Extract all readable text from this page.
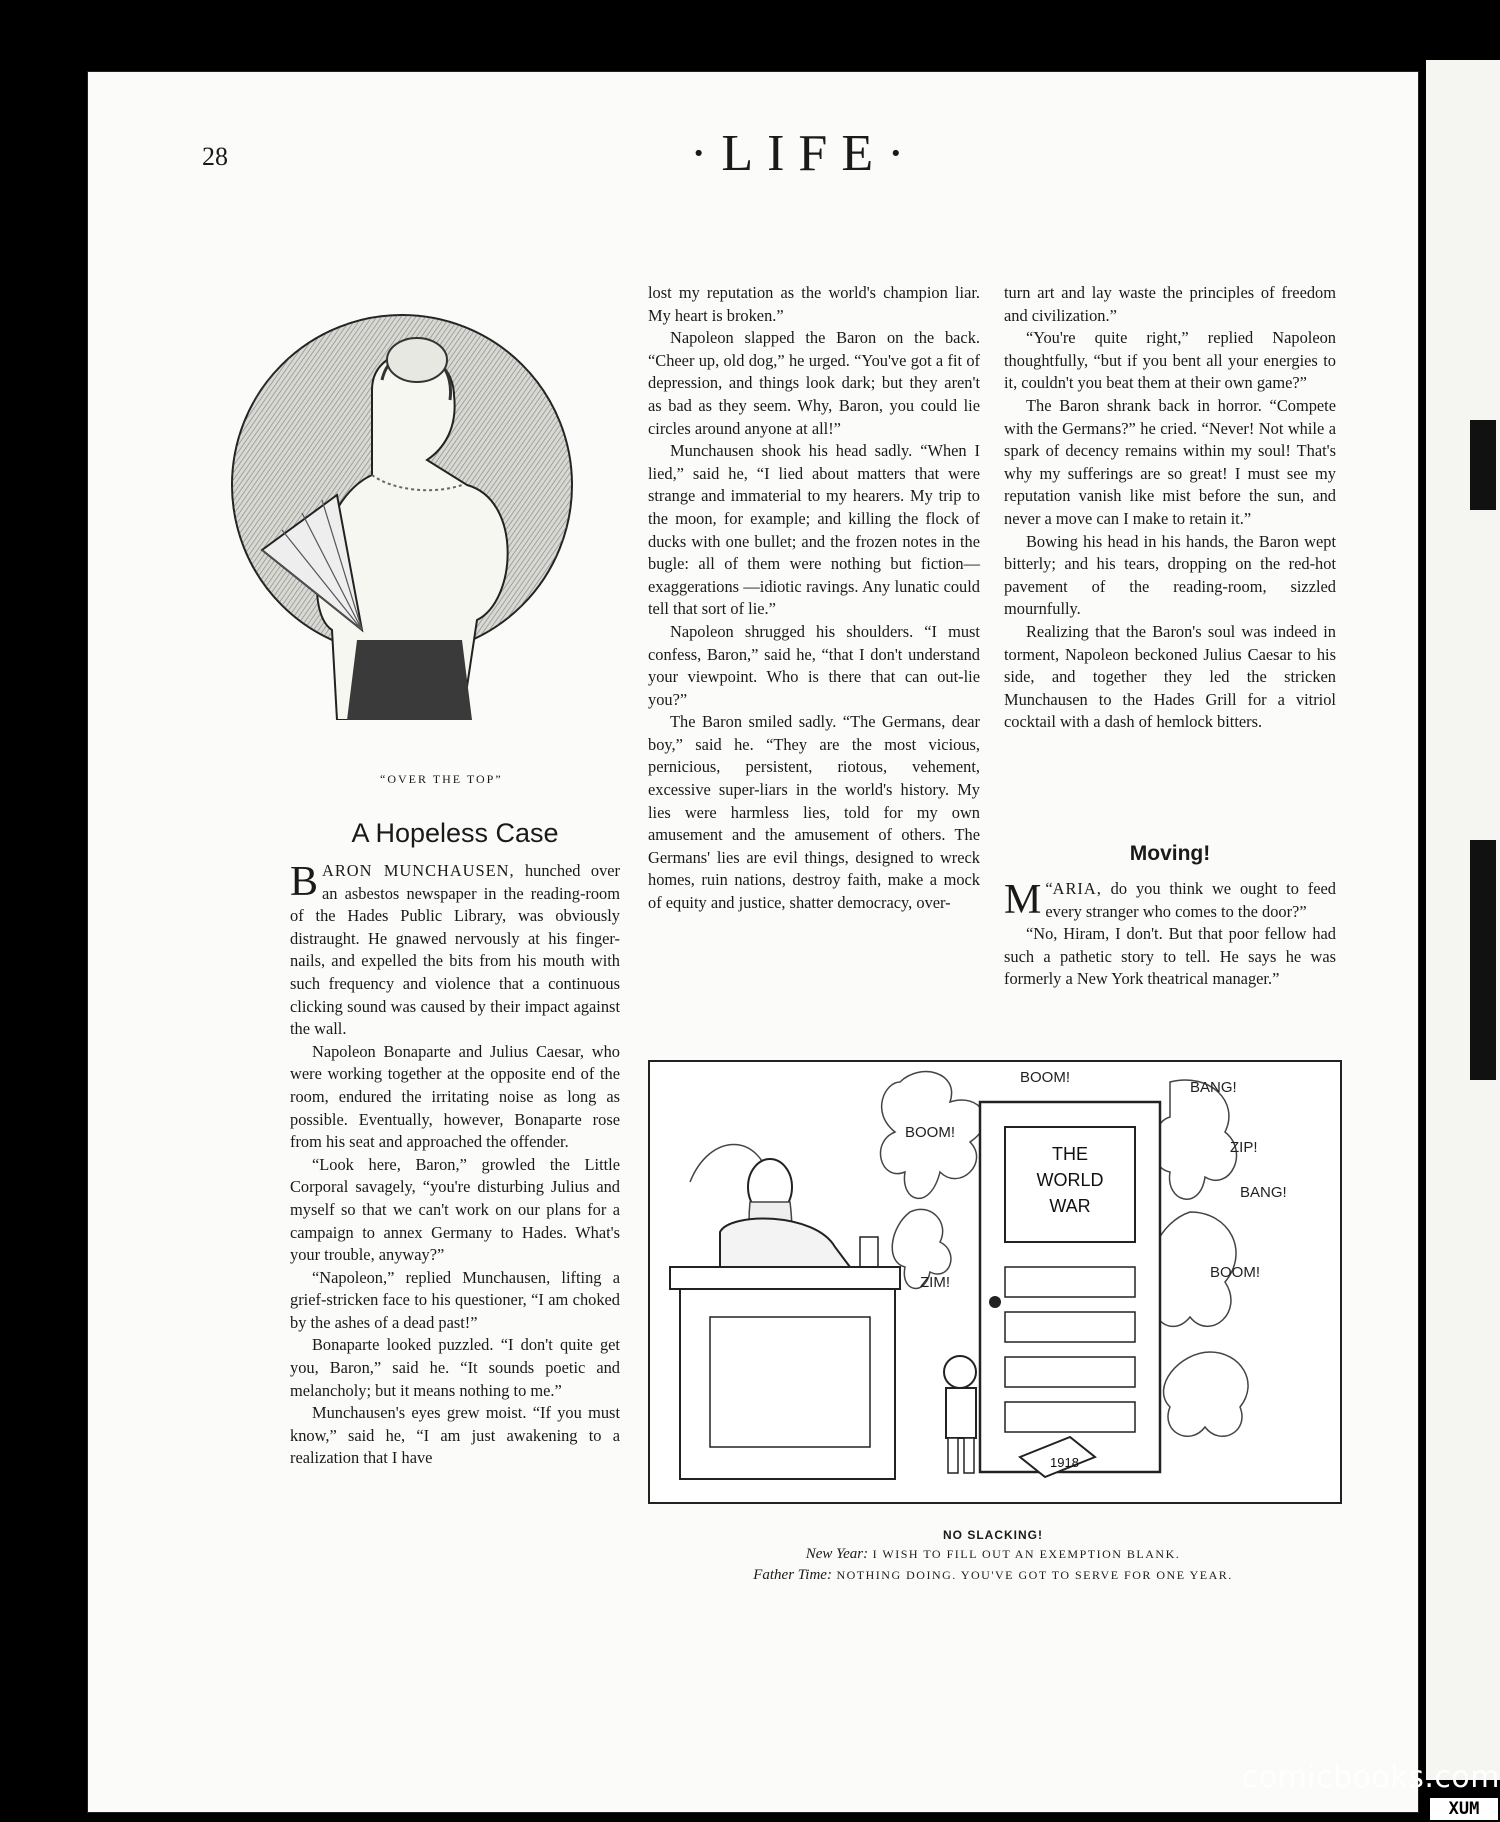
28	·LIFE·
“OVER THE TOP”
A Hopeless Case

BARON MUNCHAUSEN, hunched over an asbestos newspaper in the reading-room of the Hades Public Library, was obviously distraught. He gnawed nervously at his finger-nails, and expelled the bits from his mouth with such frequency and violence that a continuous clicking sound was caused by their impact against the wall.

Napoleon Bonaparte and Julius Caesar, who were working together at the opposite end of the room, endured the irritating noise as long as possible. Eventually, however, Bonaparte rose from his seat and approached the offender.

“Look here, Baron,” growled the Little Corporal savagely, “you're disturbing Julius and myself so that we can't work on our plans for a campaign to annex Germany to Hades. What's your trouble, anyway?”

“Napoleon,” replied Munchausen, lifting a grief-stricken face to his questioner, “I am choked by the ashes of a dead past!”

Bonaparte looked puzzled. “I don't quite get you, Baron,” said he. “It sounds poetic and melancholy; but it means nothing to me.”

Munchausen's eyes grew moist. “If you must know,” said he, “I am just awakening to a realization that I have

lost my reputation as the world's champion liar. My heart is broken.”

Napoleon slapped the Baron on the back. “Cheer up, old dog,” he urged. “You've got a fit of depression, and things look dark; but they aren't as bad as they seem. Why, Baron, you could lie circles around anyone at all!”

Munchausen shook his head sadly. “When I lied,” said he, “I lied about matters that were strange and immaterial to my hearers. My trip to the moon, for example; and killing the flock of ducks with one bullet; and the frozen notes in the bugle: all of them were nothing but fiction—exaggerations —idiotic ravings. Any lunatic could tell that sort of lie.”

Napoleon shrugged his shoulders. “I must confess, Baron,” said he, “that I don't understand your viewpoint. Who is there that can out-lie you?”

The Baron smiled sadly. “The Germans, dear boy,” said he. “They are the most vicious, pernicious, persistent, riotous, vehement, excessive super-liars in the world's history. My lies were harmless lies, told for my own amusement and the amusement of others. The Germans' lies are evil things, designed to wreck homes, ruin nations, destroy faith, make a mock of equity and justice, shatter democracy, over-

turn art and lay waste the principles of freedom and civilization.”

“You're quite right,” replied Napoleon thoughtfully, “but if you bent all your energies to it, couldn't you beat them at their own game?”

The Baron shrank back in horror. “Compete with the Germans?” he cried. “Never! Not while a spark of decency remains within my soul! That's why my sufferings are so great! I must see my reputation vanish like mist before the sun, and never a move can I make to retain it.”

Bowing his head in his hands, the Baron wept bitterly; and his tears, dropping on the red-hot pavement of the reading-room, sizzled mournfully.

Realizing that the Baron's soul was indeed in torment, Napoleon beckoned Julius Caesar to his side, and together they led the stricken Munchausen to the Hades Grill for a vitriol cocktail with a dash of hemlock bitters.

Moving!

“
M ARIA, do you think we ought to feed every stranger who comes to the door?”

“No, Hiram, I don't. But that poor fellow had such a pathetic story to tell. He says he was formerly a New York theatrical manager.”

THE
WORLD
WAR
BOOM!
BANG!
ZIP!
BANG!
ZIM!
BOOM!
BOOM!
1918
NO SLACKING!
New Year: I WISH TO FILL OUT AN EXEMPTION BLANK.
Father Time: NOTHING DOING. YOU'VE GOT TO SERVE FOR ONE YEAR.
comicbooks.com
XUM
